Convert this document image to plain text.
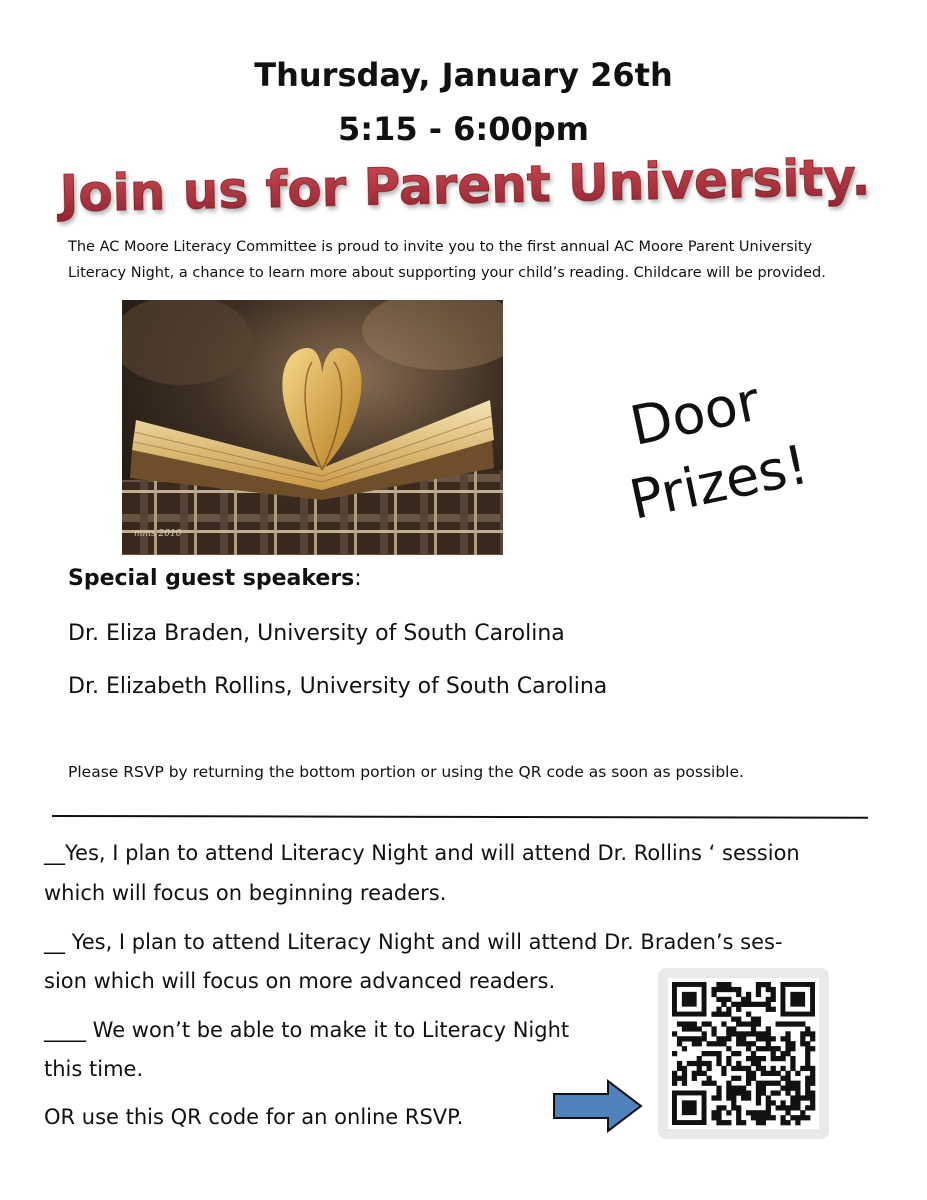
Thursday, January 26th
5:15 - 6:00pm
Join us for Parent University.
The AC Moore Literacy Committee is proud to invite you to the first annual AC Moore Parent University
Literacy Night, a chance to learn more about supporting your child’s reading. Childcare will be provided.
mms 2010
Door
Prizes!
Special guest speakers:
Dr. Eliza Braden, University of South Carolina
Dr. Elizabeth Rollins, University of South Carolina
Please RSVP by returning the bottom portion or using the QR code as soon as possible.
__Yes, I plan to attend Literacy Night and will attend Dr. Rollins ‘ session
which will focus on beginning readers.
__ Yes, I plan to attend Literacy Night and will attend Dr. Braden’s ses-
sion which will focus on more advanced readers.
____ We won’t be able to make it to Literacy Night
this time.
OR use this QR code for an online RSVP.
